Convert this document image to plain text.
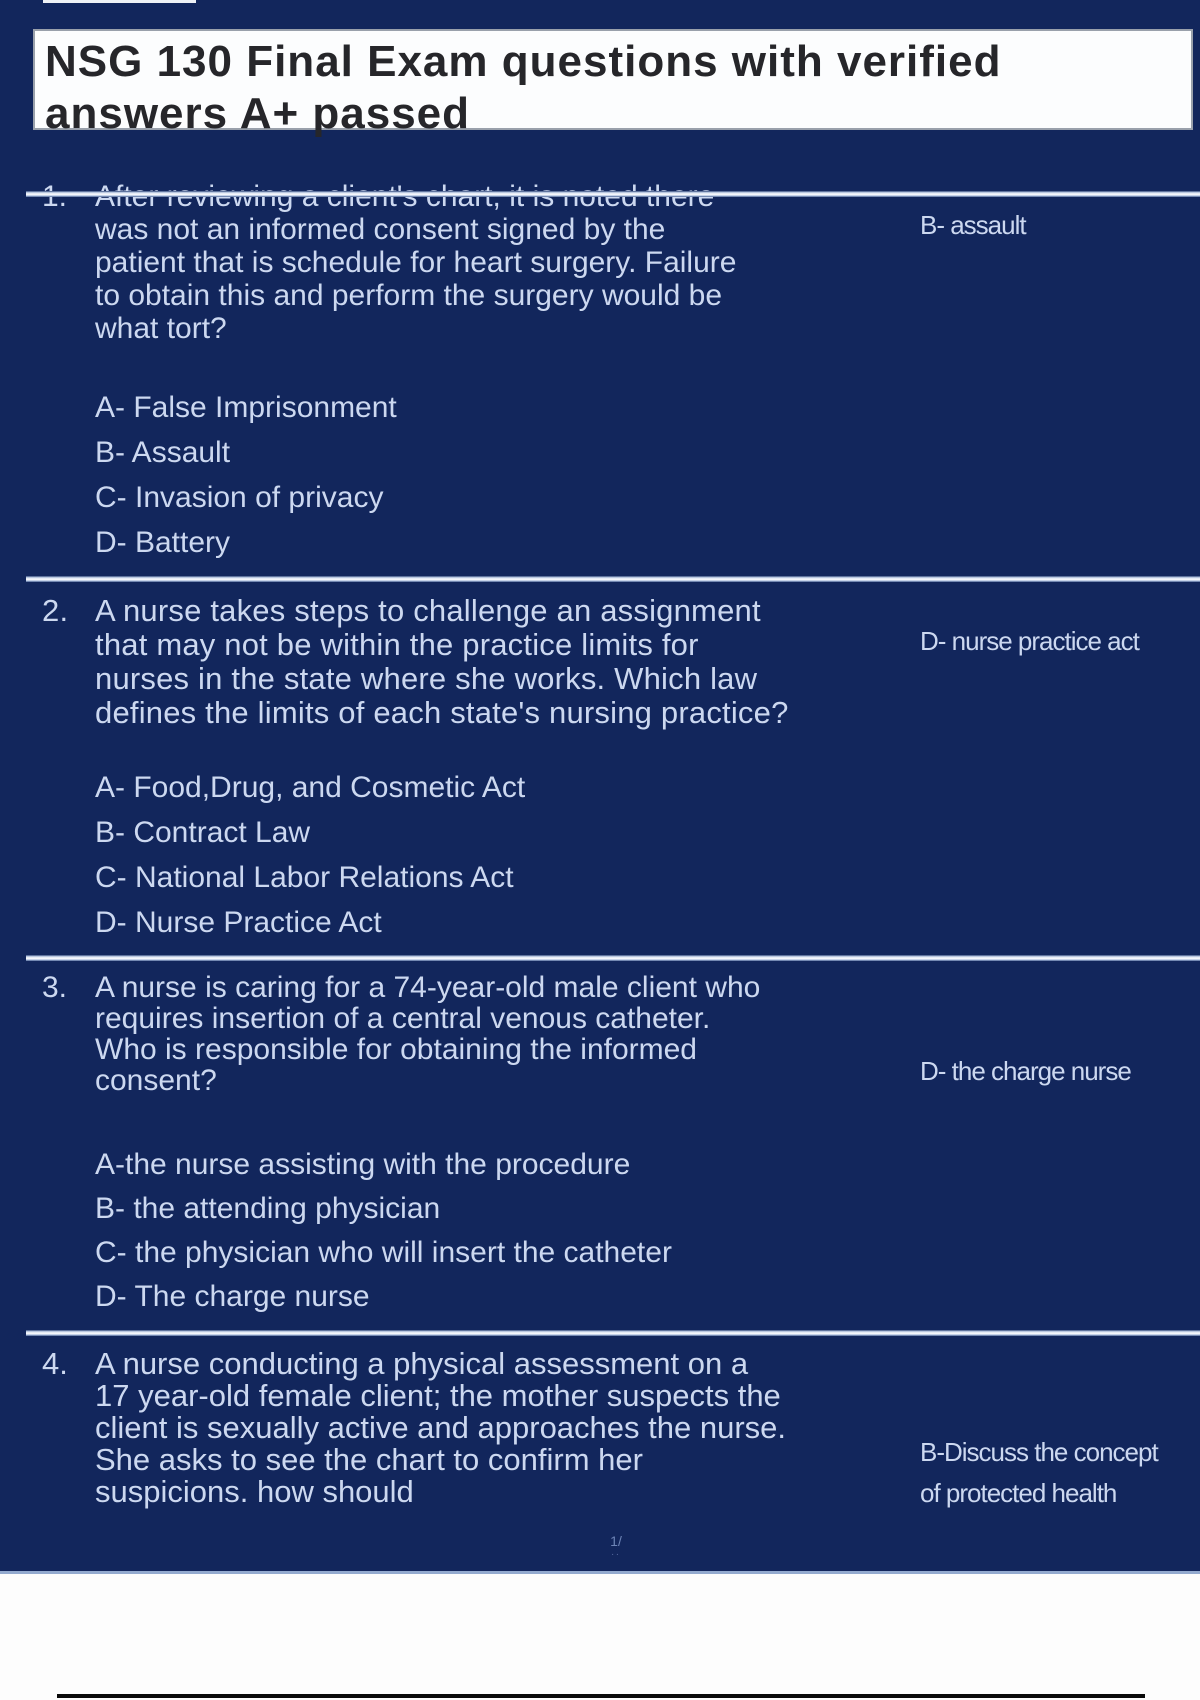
NSG 130 Final Exam questions with verified
answers A+ passed
was not an informed consent signed by the
patient that is schedule for heart surgery. Failure
to obtain this and perform the surgery would be
what tort?
B- assault
A- False Imprisonment
B- Assault
C- Invasion of privacy
D- Battery
2. A nurse takes steps to challenge an assignment
that may not be within the practice limits for
nurses in the state where she works. Which law
defines the limits of each state's nursing practice?
D- nurse practice act
A- Food,Drug, and Cosmetic Act
B- Contract Law
C- National Labor Relations Act
D- Nurse Practice Act
3. A nurse is caring for a 74-year-old male client who
requires insertion of a central venous catheter.
Who is responsible for obtaining the informed
consent?	D- the charge nurse
A-the nurse assisting with the procedure
B- the attending physician
C- the physician who will insert the catheter
D- The charge nurse
4. A nurse conducting a physical assessment on a
17 year-old female client; the mother suspects the
client is sexually active and approaches the nurse.
She asks to see the chart to confirm her
suspicions. how should
B-Discuss the concept
of protected health
1/
..
